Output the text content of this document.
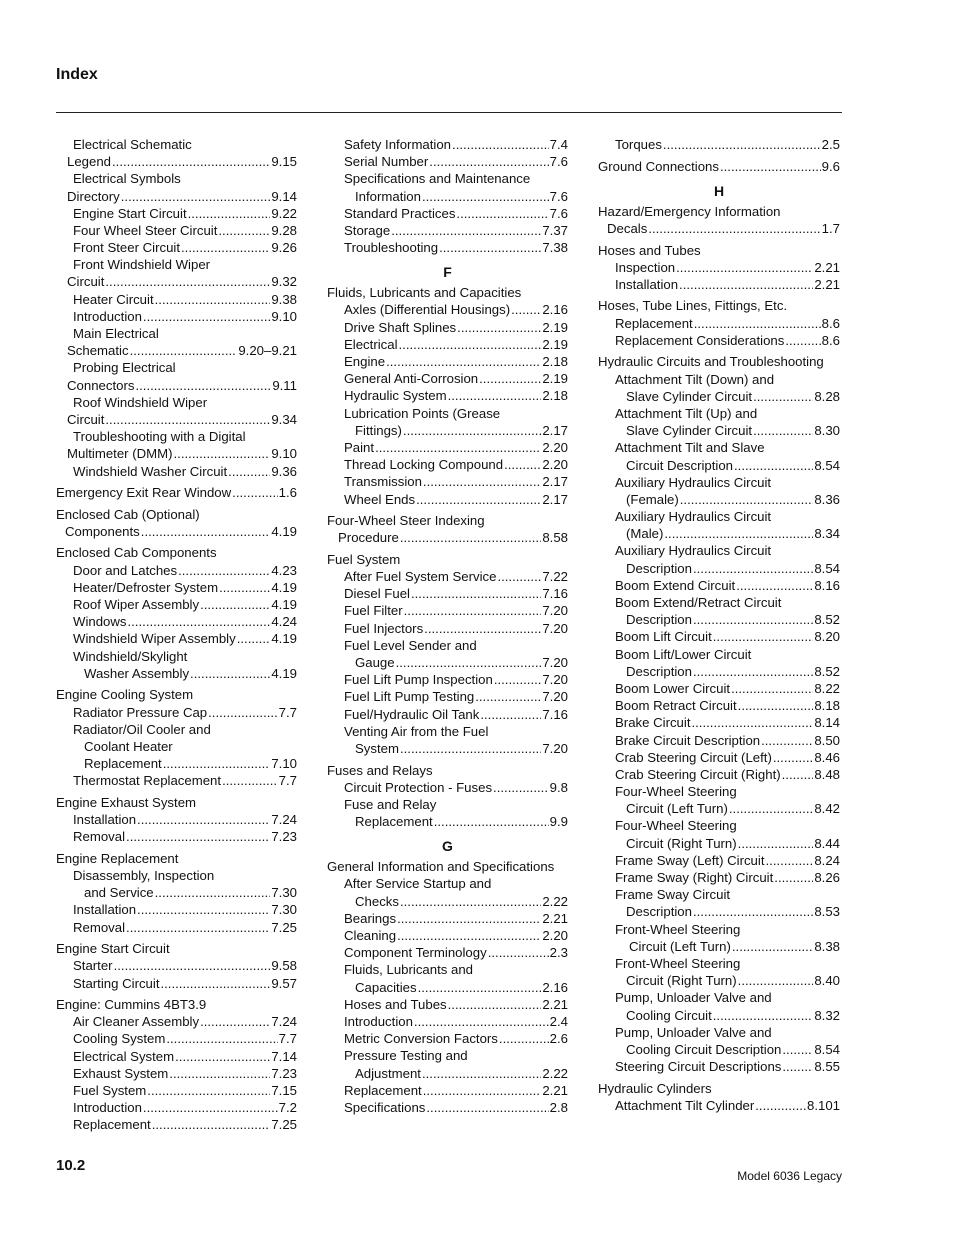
Index
Electrical Schematic
Legend .....	9.15
Electrical Symbols
Directory .....	9.14
Engine Start Circuit .....	9.22
Four Wheel Steer Circuit .....	9.28
Front Steer Circuit .....	9.26
Front Windshield Wiper
Circuit .....	9.32
Heater Circuit .....	9.38
Introduction .....	9.10
Main Electrical
Schematic .....	9.20–9.21
Probing Electrical
Connectors .....	9.11
Roof Windshield Wiper
Circuit .....	9.34
Troubleshooting with a Digital
Multimeter (DMM) .....	9.10
Windshield Washer Circuit .....	9.36
Emergency Exit Rear Window .....	1.6
Enclosed Cab (Optional)
Components .....	4.19
Enclosed Cab Components
Door and Latches .....	4.23
Heater/Defroster System .....	4.19
Roof Wiper Assembly .....	4.19
Windows .....	4.24
Windshield Wiper Assembly .....	4.19
Windshield/Skylight
Washer Assembly .....	4.19
Engine Cooling System
Radiator Pressure Cap .....	7.7
Radiator/Oil Cooler and
Coolant Heater
Replacement .....	7.10
Thermostat Replacement .....	7.7
Engine Exhaust System
Installation .....	7.24
Removal .....	7.23
Engine Replacement
Disassembly, Inspection
and Service .....	7.30
Installation .....	7.30
Removal .....	7.25
Engine Start Circuit
Starter .....	9.58
Starting Circuit .....	9.57
Engine: Cummins 4BT3.9
Air Cleaner Assembly .....	7.24
Cooling System .....	7.7
Electrical System .....	7.14
Exhaust System .....	7.23
Fuel System .....	7.15
Introduction .....	7.2
Replacement .....	7.25
Safety Information .....	7.4
Serial Number .....	7.6
Specifications and Maintenance
Information .....	7.6
Standard Practices .....	7.6
Storage .....	7.37
Troubleshooting .....	7.38
F
Fluids, Lubricants and Capacities
Axles (Differential Housings) ..... 2.16
Drive Shaft Splines .....	2.19
Electrical .....	2.19
Engine .....	2.18
General Anti-Corrosion .....	2.19
Hydraulic System .....	2.18
Lubrication Points (Grease
Fittings) .....	2.17
Paint .....	2.20
Thread Locking Compound .....	2.20
Transmission .....	2.17
Wheel Ends .....	2.17
Four-Wheel Steer Indexing
Procedure .....	8.58
Fuel System
After Fuel System Service .....	7.22
Diesel Fuel .....	7.16
Fuel Filter .....	7.20
Fuel Injectors .....	7.20
Fuel Level Sender and
Gauge .....	7.20
Fuel Lift Pump Inspection .....	7.20
Fuel Lift Pump Testing .....	7.20
Fuel/Hydraulic Oil Tank .....	7.16
Venting Air from the Fuel
System .....	7.20
Fuses and Relays
Circuit Protection - Fuses .....	9.8
Fuse and Relay
Replacement .....	9.9
G
General Information and Specifications
After Service Startup and
Checks .....	2.22
Bearings .....	2.21
Cleaning .....	2.20
Component Terminology .....	2.3
Fluids, Lubricants and
Capacities .....	2.16
Hoses and Tubes .....	2.21
Introduction .....	2.4
Metric Conversion Factors .....	2.6
Pressure Testing and
Adjustment .....	2.22
Replacement .....	2.21
Specifications .....	2.8
Torques .....	2.5
Ground Connections .....	9.6
H
Hazard/Emergency Information
Decals .....	1.7
Hoses and Tubes
Inspection .....	2.21
Installation .....	2.21
Hoses, Tube Lines, Fittings, Etc.
Replacement .....	8.6
Replacement Considerations .....	8.6
Hydraulic Circuits and Troubleshooting
Attachment Tilt (Down) and
Slave Cylinder Circuit .....	8.28
Attachment Tilt (Up) and
Slave Cylinder Circuit .....	8.30
Attachment Tilt and Slave
Circuit Description .....	8.54
Auxiliary Hydraulics Circuit
(Female) .....	8.36
Auxiliary Hydraulics Circuit
(Male) .....	8.34
Auxiliary Hydraulics Circuit
Description .....	8.54
Boom Extend Circuit .....	8.16
Boom Extend/Retract Circuit
Description .....	8.52
Boom Lift Circuit .....	8.20
Boom Lift/Lower Circuit
Description .....	8.52
Boom Lower Circuit .....	8.22
Boom Retract Circuit .....	8.18
Brake Circuit .....	8.14
Brake Circuit Description .....	8.50
Crab Steering Circuit (Left) .....	8.46
Crab Steering Circuit (Right) .....	8.48
Four-Wheel Steering
Circuit (Left Turn) .....	8.42
Four-Wheel Steering
Circuit (Right Turn) .....	8.44
Frame Sway (Left) Circuit .....	8.24
Frame Sway (Right) Circuit .....	8.26
Frame Sway Circuit
Description .....	8.53
Front-Wheel Steering
Circuit (Left Turn) .....	8.38
Front-Wheel Steering
Circuit (Right Turn) .....	8.40
Pump, Unloader Valve and
Cooling Circuit .....	8.32
Pump, Unloader Valve and
Cooling Circuit Description ..... 8.54
Steering Circuit Descriptions ..... 8.55
Hydraulic Cylinders
Attachment Tilt Cylinder .....	8.101
10.2
Model 6036 Legacy
